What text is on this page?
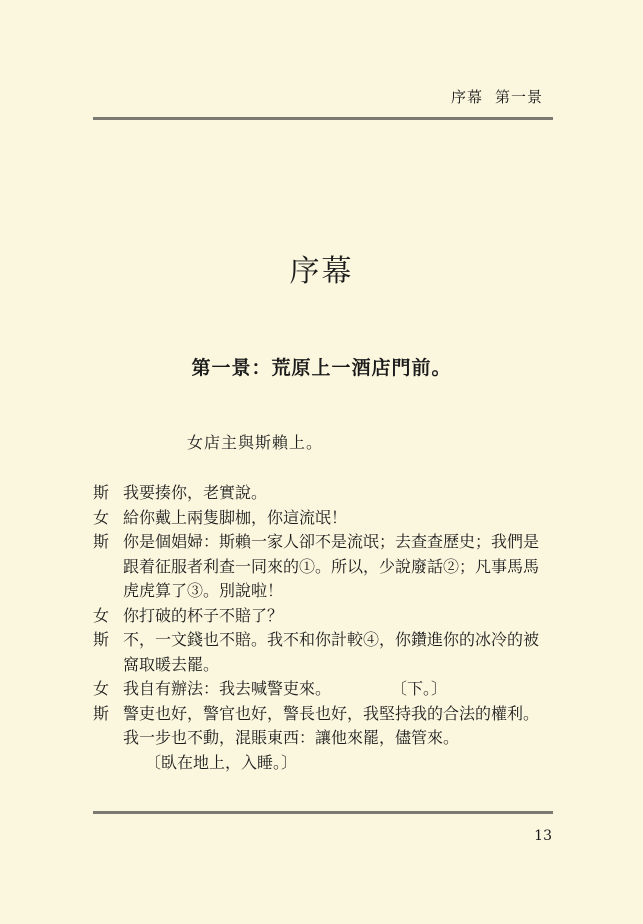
序幕 第一景
序幕
第一景：荒原上一酒店門前。
女店主與斯賴上。
斯 我要揍你，老實說。
女 給你戴上兩隻脚枷，你這流氓！
斯 你是個娼婦：斯賴一家人卻不是流氓；去查查歷史；我們是
跟着征服者利查一同來的①。所以，少說廢話②；凡事馬馬
虎虎算了③。別說啦！
女 你打破的杯子不賠了？
斯 不，一文錢也不賠。我不和你計較④，你鑽進你的冰冷的被
窩取暖去罷。
女 我自有辦法：我去喊警吏來。	〔下。〕
斯 警吏也好，警官也好，警長也好，我堅持我的合法的權利。
我一步也不動，混賬東西：讓他來罷，儘管來。
〔臥在地上，入睡。〕
13
